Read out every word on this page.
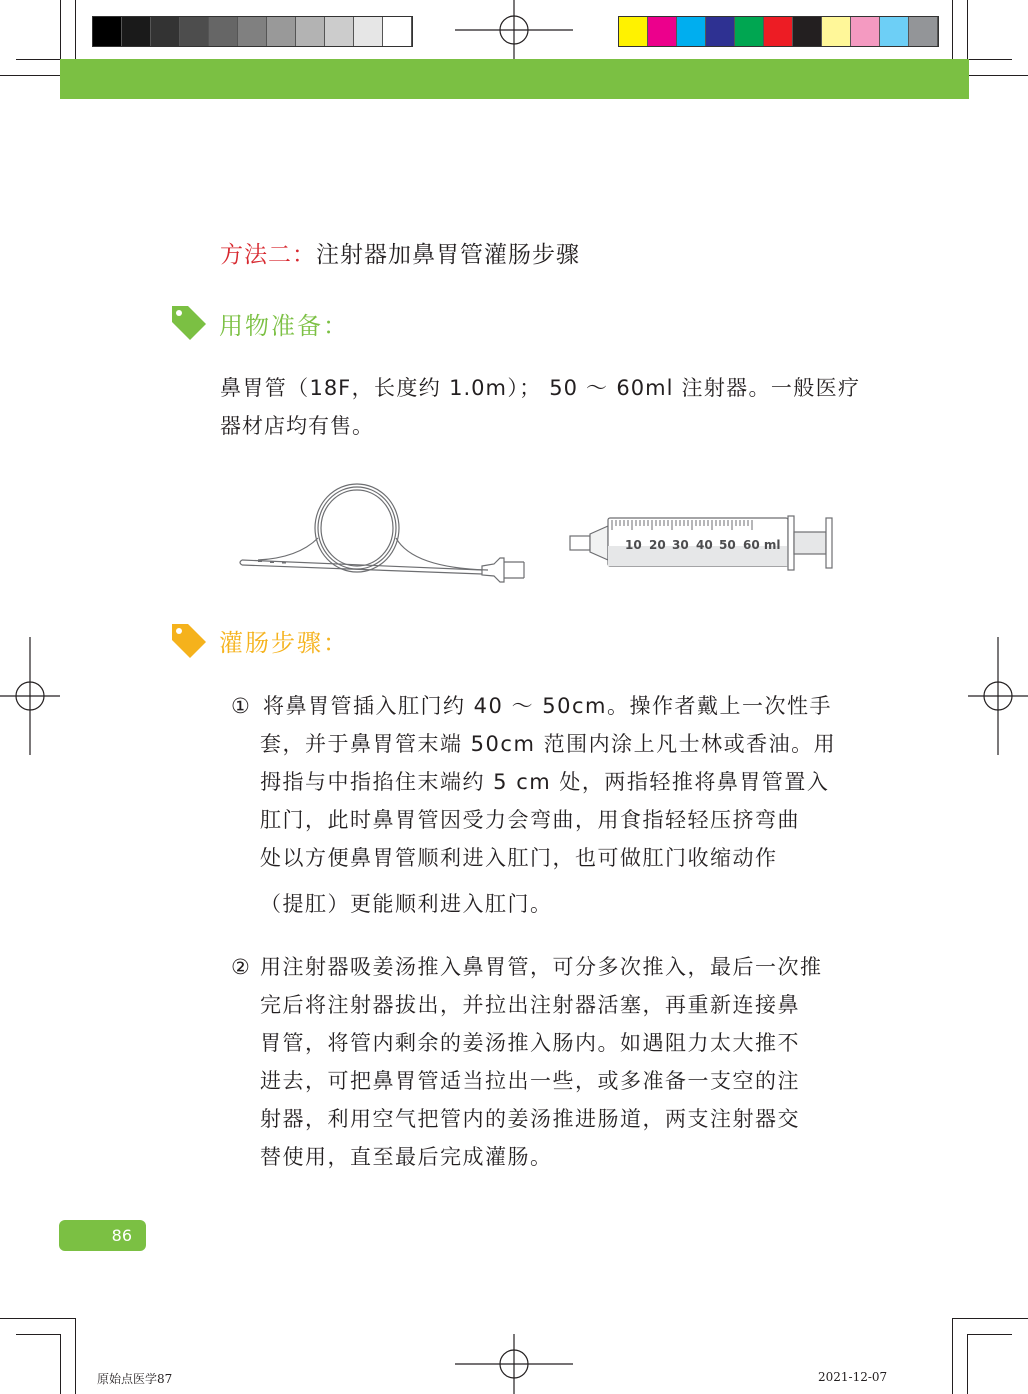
方法二：注射器加鼻胃管灌肠步骤
用物准备：
鼻胃管（18F，长度约 1.0m）； 50 ～ 60ml 注射器。一般医疗器材店均有售。
10 20 30 40 50 60 ml
灌肠步骤：
① 将鼻胃管插入肛门约 40 ～ 50cm。操作者戴上一次性手
套，并于鼻胃管末端 50cm 范围内涂上凡士林或香油。用
拇指与中指掐住末端约 5 cm 处，两指轻推将鼻胃管置入
肛门，此时鼻胃管因受力会弯曲，用食指轻轻压挤弯曲
处以方便鼻胃管顺利进入肛门，也可做肛门收缩动作
（提肛）更能顺利进入肛门。
② 用注射器吸姜汤推入鼻胃管，可分多次推入，最后一次推
完后将注射器拔出，并拉出注射器活塞，再重新连接鼻
胃管，将管内剩余的姜汤推入肠内。如遇阻力太大推不
进去，可把鼻胃管适当拉出一些，或多准备一支空的注
射器，利用空气把管内的姜汤推进肠道，两支注射器交
替使用，直至最后完成灌肠。
86
原始点医学87	2021-12-07
